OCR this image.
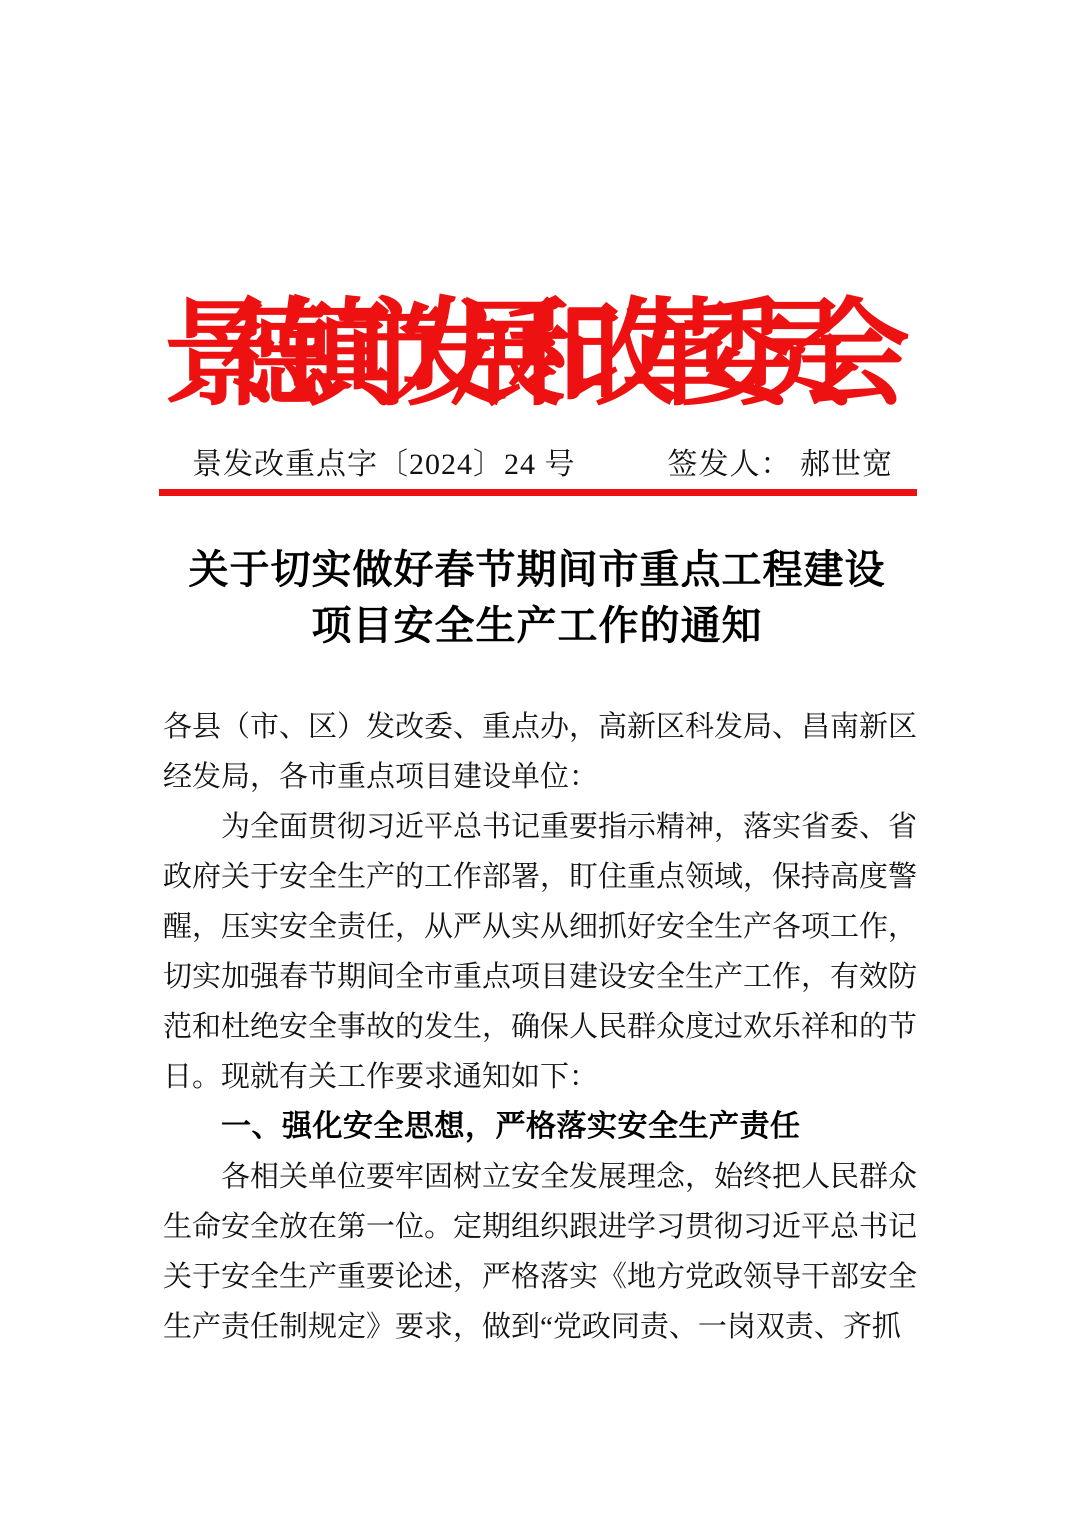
景德镇市发展和改革委员会
景发改重点字〔2024〕24 号	签发人： 郝世宽
关于切实做好春节期间市重点工程建设
项目安全生产工作的通知

各县（市、区）发改委、重点办，高新区科发局、昌南新区经发局，各市重点项目建设单位：

为全面贯彻习近平总书记重要指示精神，落实省委、省政府关于安全生产的工作部署，盯住重点领域，保持高度警醒，压实安全责任，从严从实从细抓好安全生产各项工作，切实加强春节期间全市重点项目建设安全生产工作，有效防范和杜绝安全事故的发生，确保人民群众度过欢乐祥和的节日。现就有关工作要求通知如下：

一、强化安全思想，严格落实安全生产责任

各相关单位要牢固树立安全发展理念，始终把人民群众生命安全放在第一位。定期组织跟进学习贯彻习近平总书记关于安全生产重要论述，严格落实《地方党政领导干部安全生产责任制规定》要求，做到“党政同责、一岗双责、齐抓
